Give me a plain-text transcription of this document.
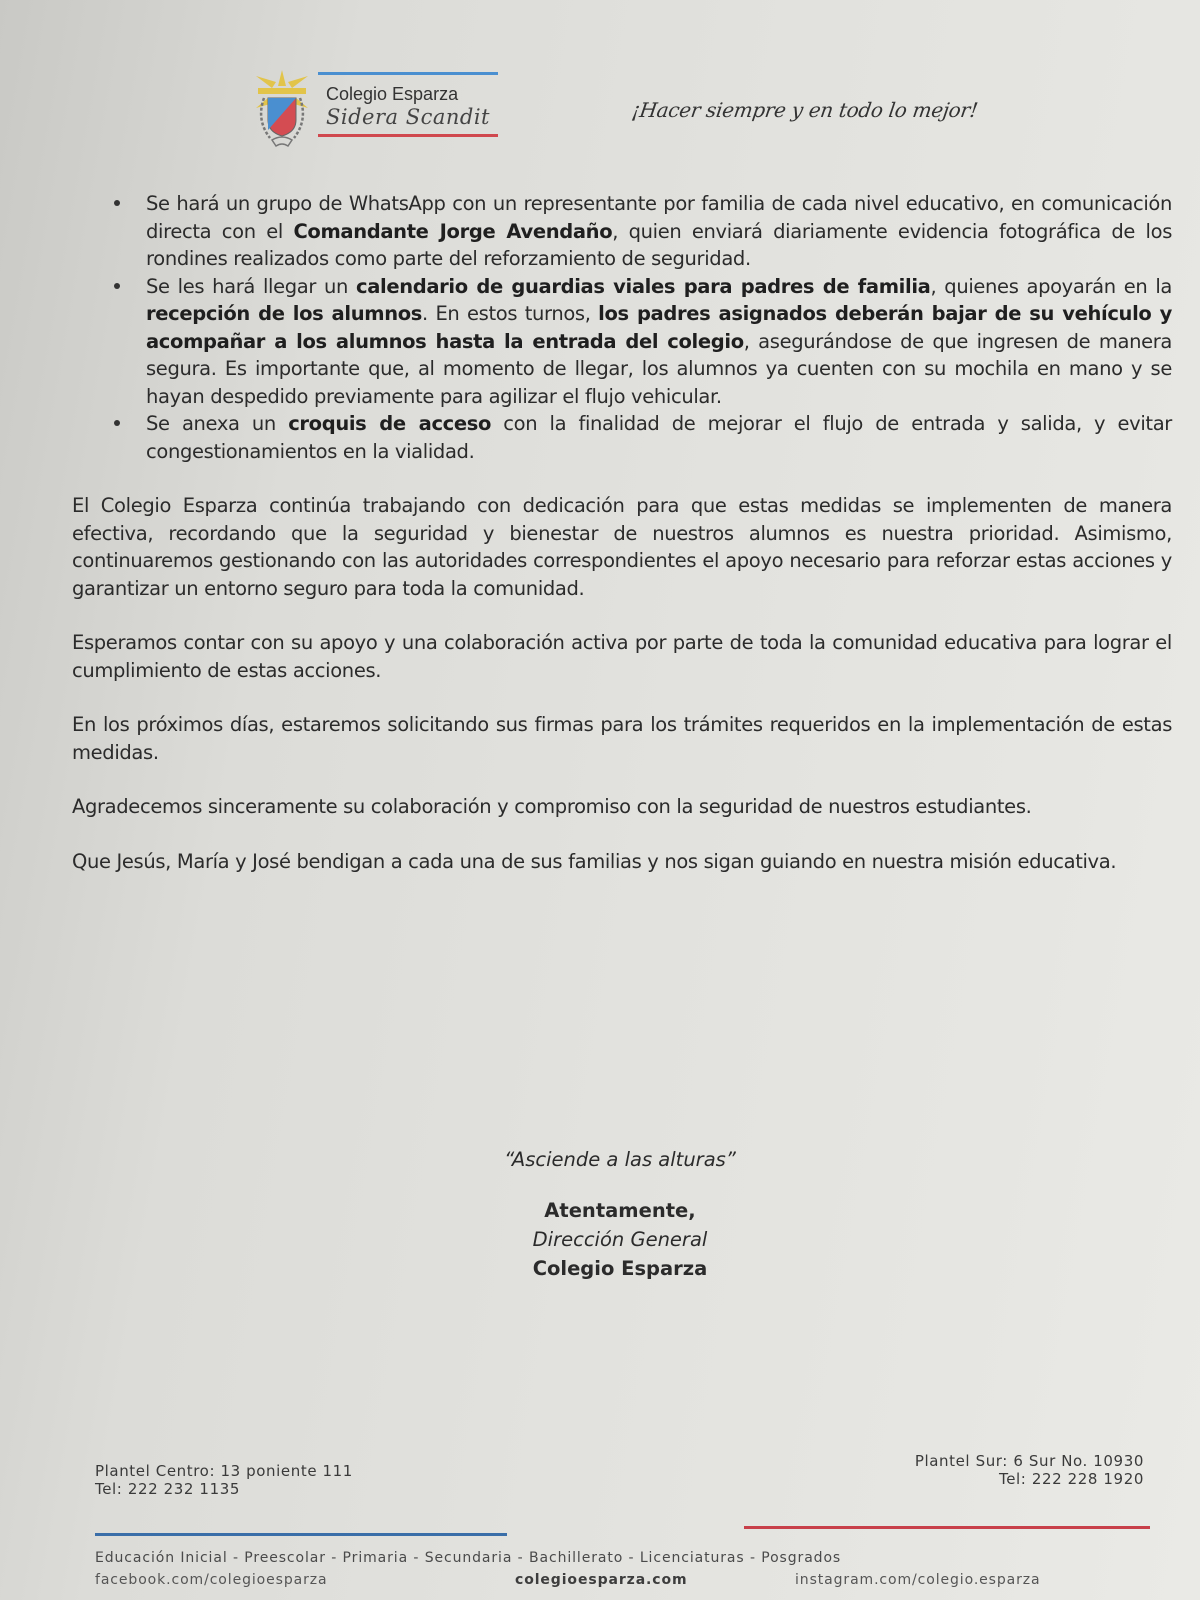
Colegio Esparza
Sidera Scandit	¡Hacer siempre y en todo lo mejor!
Se hará un grupo de WhatsApp con un representante por familia de cada nivel educativo, en comunicación directa con el Comandante Jorge Avendaño, quien enviará diariamente evidencia fotográfica de los rondines realizados como parte del reforzamiento de seguridad.
Se les hará llegar un calendario de guardias viales para padres de familia, quienes apoyarán en la recepción de los alumnos. En estos turnos, los padres asignados deberán bajar de su vehículo y acompañar a los alumnos hasta la entrada del colegio, asegurándose de que ingresen de manera segura. Es importante que, al momento de llegar, los alumnos ya cuenten con su mochila en mano y se hayan despedido previamente para agilizar el flujo vehicular.
Se anexa un croquis de acceso con la finalidad de mejorar el flujo de entrada y salida, y evitar congestionamientos en la vialidad.

El Colegio Esparza continúa trabajando con dedicación para que estas medidas se implementen de manera efectiva, recordando que la seguridad y bienestar de nuestros alumnos es nuestra prioridad. Asimismo, continuaremos gestionando con las autoridades correspondientes el apoyo necesario para reforzar estas acciones y garantizar un entorno seguro para toda la comunidad.

Esperamos contar con su apoyo y una colaboración activa por parte de toda la comunidad educativa para lograr el cumplimiento de estas acciones.

En los próximos días, estaremos solicitando sus firmas para los trámites requeridos en la implementación de estas medidas.

Agradecemos sinceramente su colaboración y compromiso con la seguridad de nuestros estudiantes.

Que Jesús, María y José bendigan a cada una de sus familias y nos sigan guiando en nuestra misión educativa.

“Asciende a las alturas”
Atentamente,
Dirección General
Colegio Esparza
Plantel Centro: 13 poniente 111
Tel: 222 232 1135
Plantel Sur: 6 Sur No. 10930
Tel: 222 228 1920
Educación Inicial - Preescolar - Primaria - Secundaria - Bachillerato - Licenciaturas - Posgrados
facebook.com/colegioesparza	colegioesparza.com	instagram.com/colegio.esparza
